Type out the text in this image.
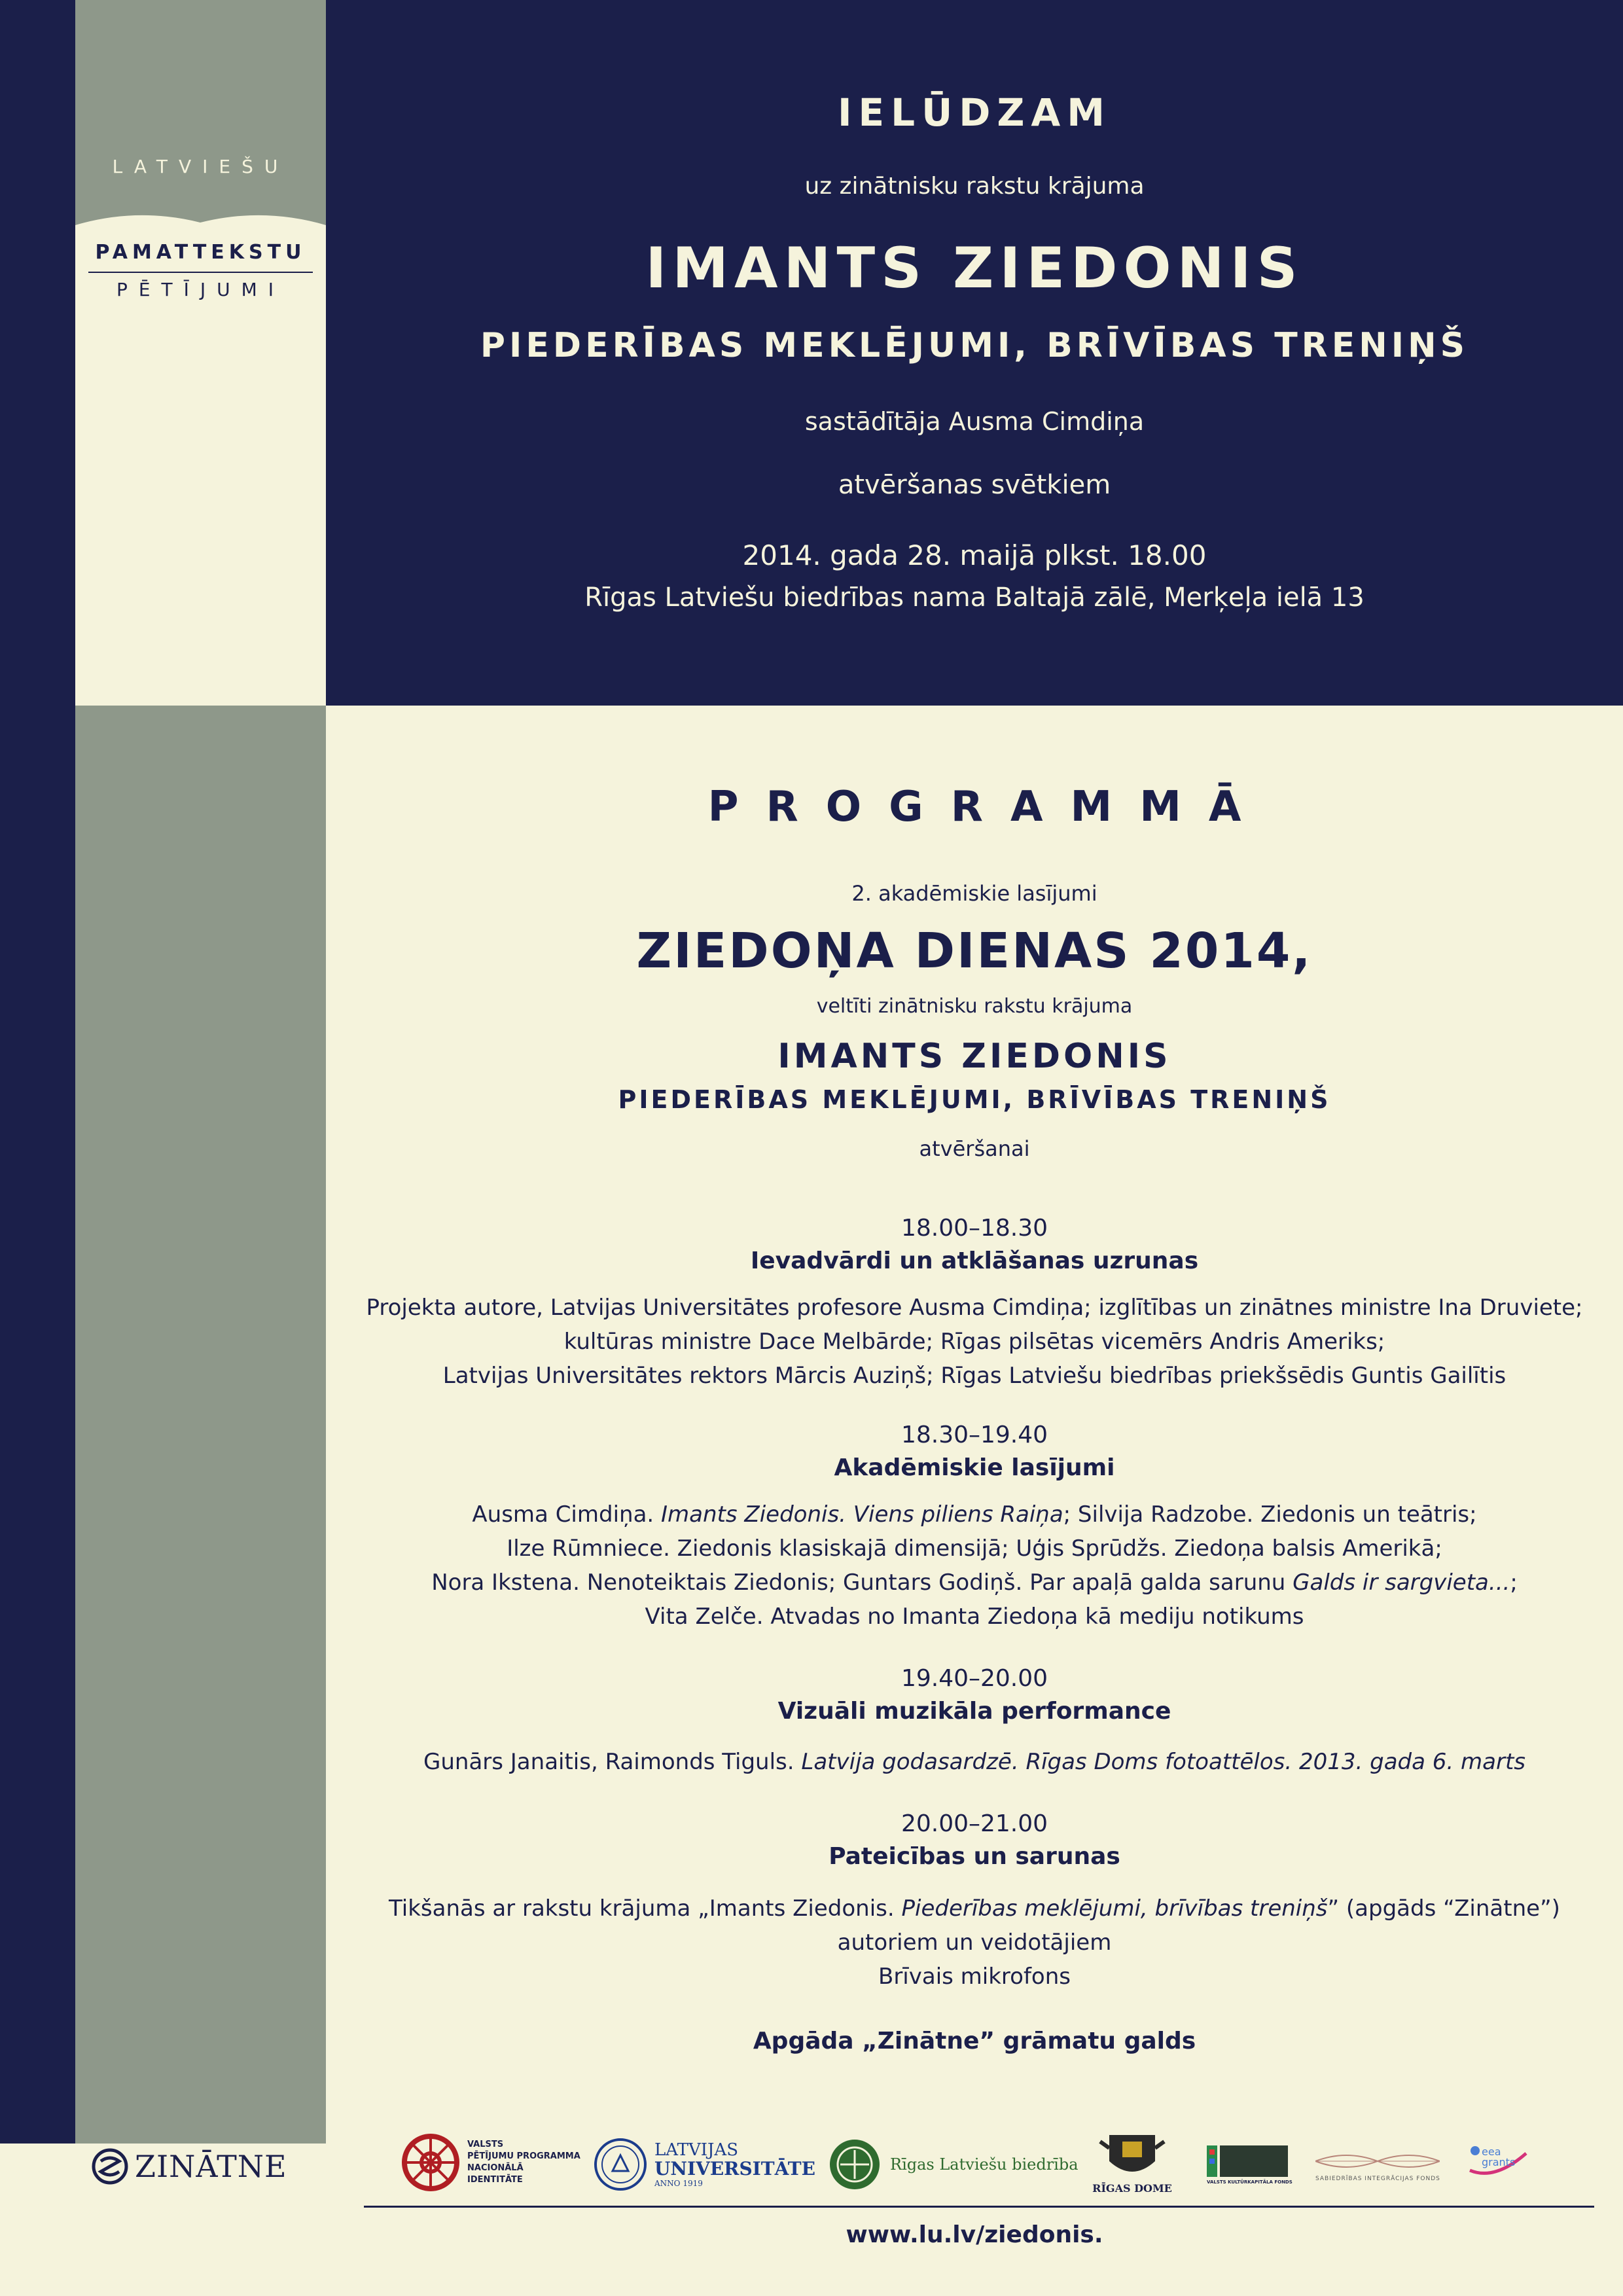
LATVIEŠU
PAMATTEKSTU
PĒTĪJUMI
IELŪDZAM
uz zinātnisku rakstu krājuma
IMANTS ZIEDONIS
PIEDERĪBAS MEKLĒJUMI, BRĪVĪBAS TRENIŅŠ
sastādītāja Ausma Cimdiņa
atvēršanas svētkiem
2014. gada 28. maijā plkst. 18.00
Rīgas Latviešu biedrības nama Baltajā zālē, Merķeļa ielā 13
PROGRAMMĀ
2. akadēmiskie lasījumi
ZIEDOŅA DIENAS 2014,
veltīti zinātnisku rakstu krājuma
IMANTS ZIEDONIS
PIEDERĪBAS MEKLĒJUMI, BRĪVĪBAS TRENIŅŠ
atvēršanai
18.00–18.30
Ievadvārdi un atklāšanas uzrunas
Projekta autore, Latvijas Universitātes profesore Ausma Cimdiņa; izglītības un zinātnes ministre Ina Druviete;
kultūras ministre Dace Melbārde; Rīgas pilsētas vicemērs Andris Ameriks;
Latvijas Universitātes rektors Mārcis Auziņš; Rīgas Latviešu biedrības priekšsēdis Guntis Gailītis
18.30–19.40
Akadēmiskie lasījumi
Ausma Cimdiņa. Imants Ziedonis. Viens piliens Raiņa; Silvija Radzobe. Ziedonis un teātris;
Ilze Rūmniece. Ziedonis klasiskajā dimensijā; Uģis Sprūdžs. Ziedoņa balsis Amerikā;
Nora Ikstena. Nenoteiktais Ziedonis; Guntars Godiņš. Par apaļā galda sarunu Galds ir sargvieta...;
Vita Zelče. Atvadas no Imanta Ziedoņa kā mediju notikums
19.40–20.00
Vizuāli muzikāla performance
Gunārs Janaitis, Raimonds Tiguls. Latvija godasardzē. Rīgas Doms fotoattēlos. 2013. gada 6. marts
20.00–21.00
Pateicības un sarunas
Tikšanās ar rakstu krājuma „Imants Ziedonis. Piederības meklējumi, brīvības treniņš” (apgāds “Zinātne”)
autoriem un veidotājiem
Brīvais mikrofons
Apgāda „Zinātne” grāmatu galds
ZINĀTNE
VALSTS
PĒTĪJUMU PROGRAMMA
NACIONĀLĀ
IDENTITĀTE
LATVIJAS
UNIVERSITĀTE
ANNO 1919
Rīgas Latviešu biedrība
RĪGAS DOME	VALSTS KULTŪRKAPITĀLA FONDS	SABIEDRĪBAS INTEGRĀCIJAS FONDS
eea
grants
www.lu.lv/ziedonis.
